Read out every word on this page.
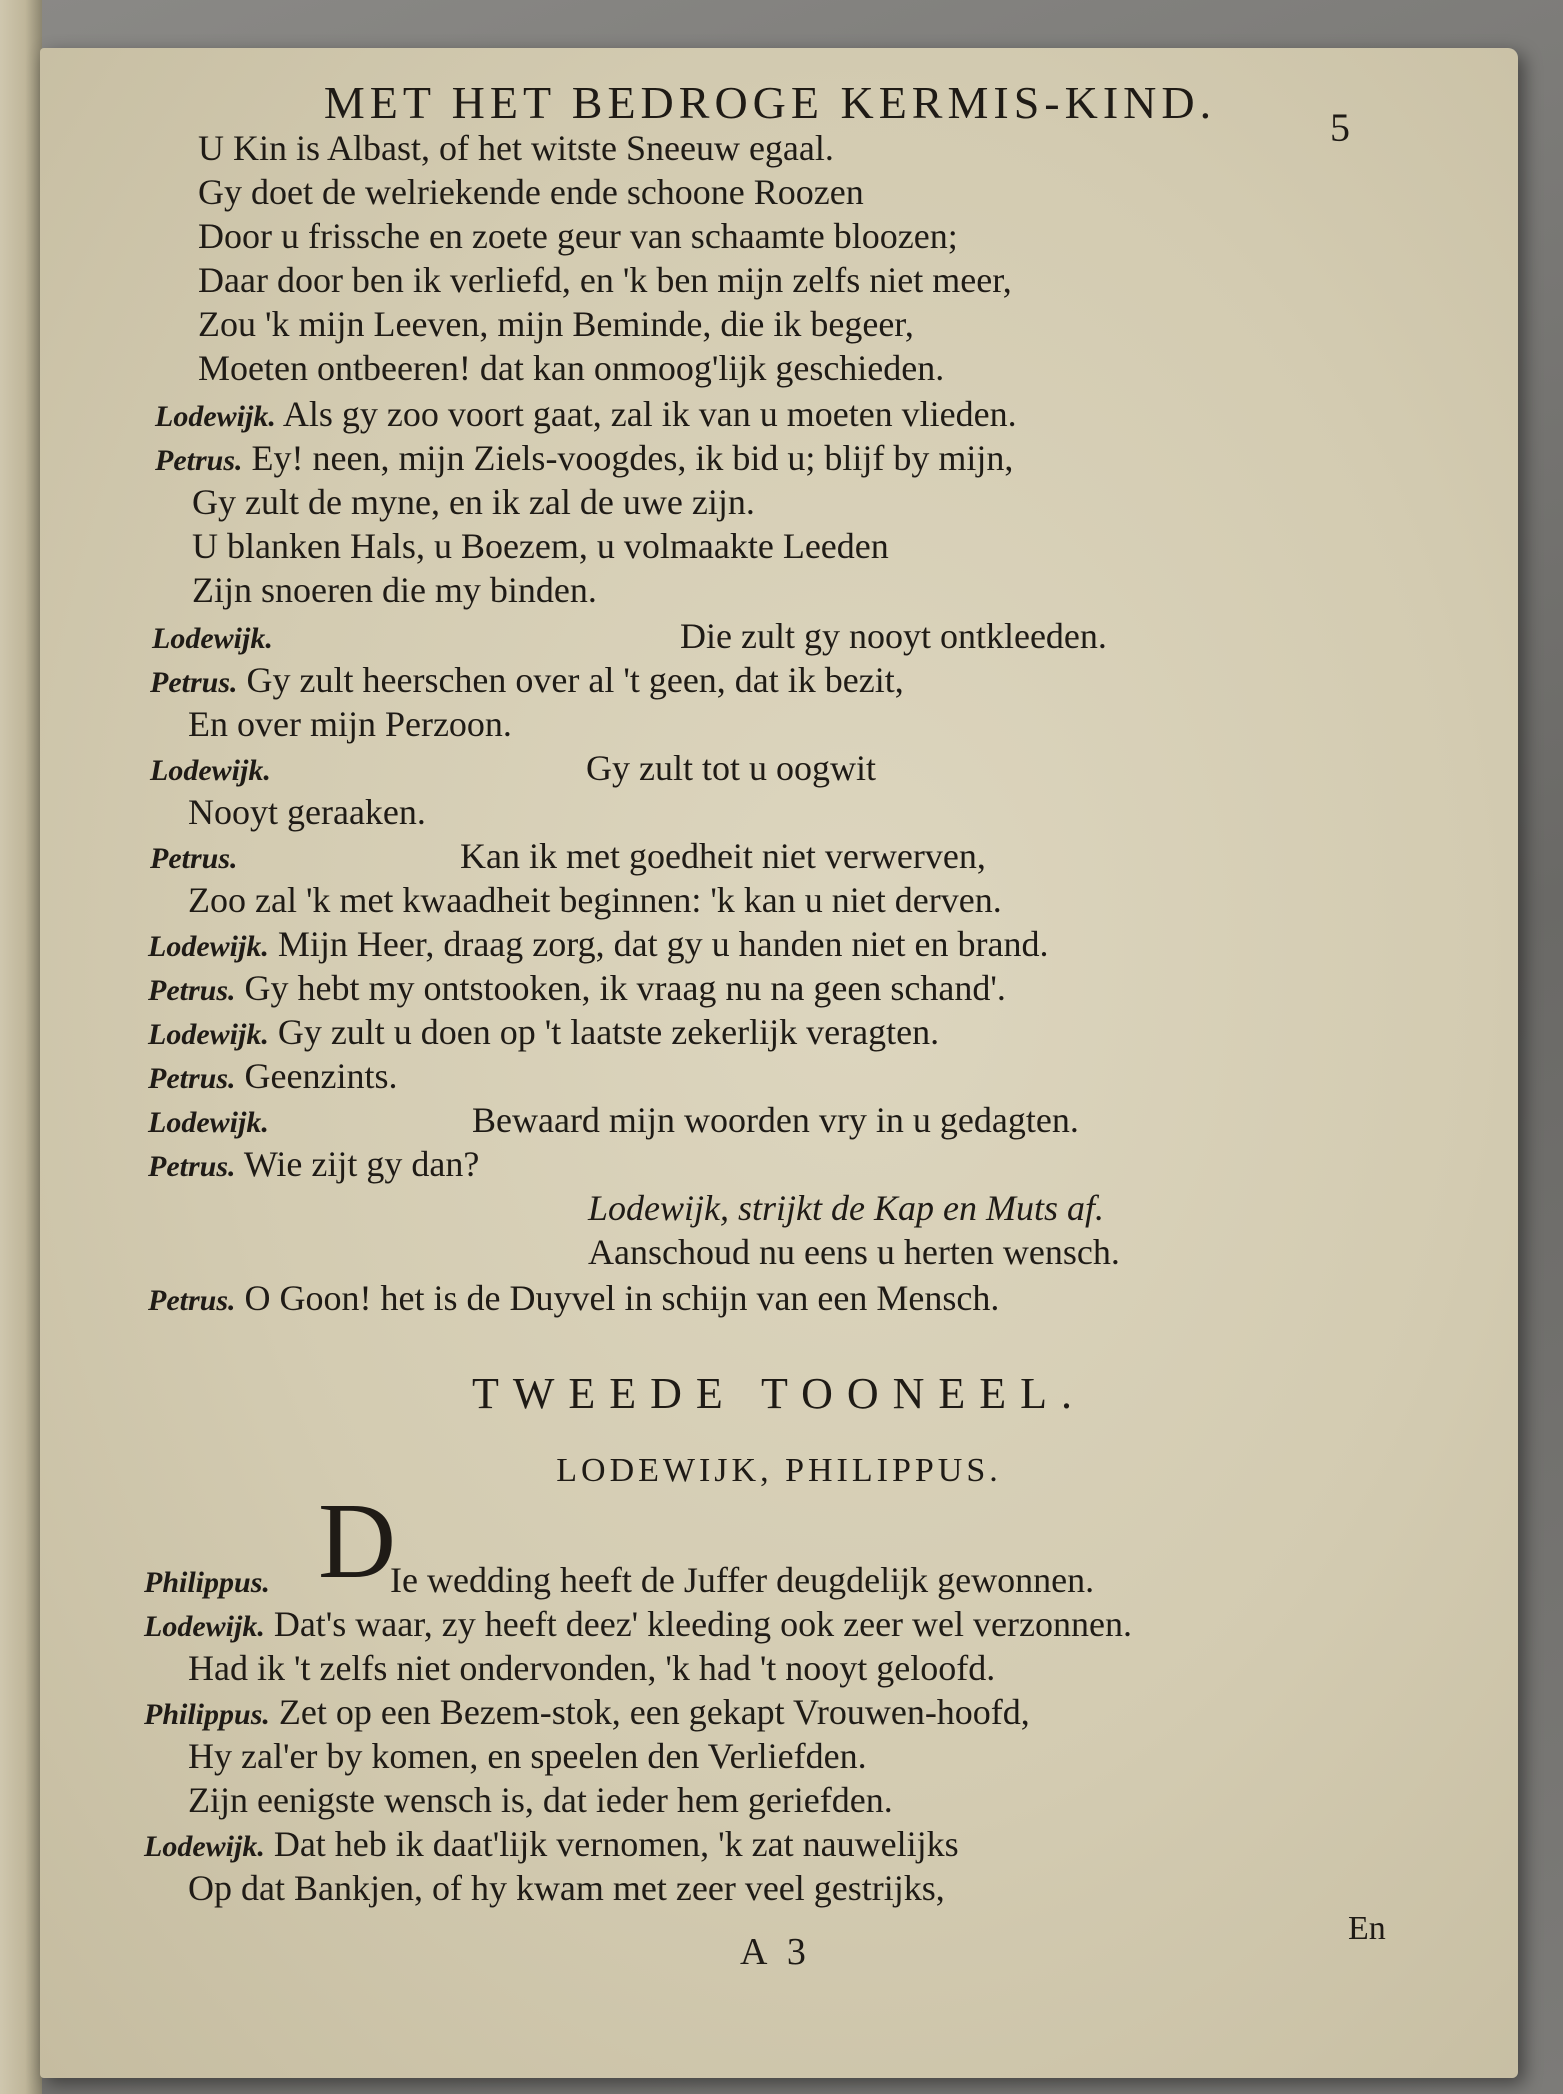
MET HET BEDROGE KERMIS-KIND.	5
U Kin is Albast, of het witste Sneeuw egaal.
Gy doet de welriekende ende schoone Roozen
Door u frissche en zoete geur van schaamte bloozen;
Daar door ben ik verliefd, en 'k ben mijn zelfs niet meer,
Zou 'k mijn Leeven, mijn Beminde, die ik begeer,
Moeten ontbeeren! dat kan onmoog'lijk geschieden.
Lodewijk. Als gy zoo voort gaat, zal ik van u moeten vlieden.
Petrus. Ey! neen, mijn Ziels-voogdes, ik bid u; blijf by mijn,
Gy zult de myne, en ik zal de uwe zijn.
U blanken Hals, u Boezem, u volmaakte Leeden
Zijn snoeren die my binden.
Lodewijk.	Die zult gy nooyt ontkleeden.
Petrus. Gy zult heerschen over al 't geen, dat ik bezit,
En over mijn Perzoon.
Lodewijk.	Gy zult tot u oogwit
Nooyt geraaken.
Petrus.	Kan ik met goedheit niet verwerven,
Zoo zal 'k met kwaadheit beginnen: 'k kan u niet derven.
Lodewijk. Mijn Heer, draag zorg, dat gy u handen niet en brand.
Petrus. Gy hebt my ontstooken, ik vraag nu na geen schand'.
Lodewijk. Gy zult u doen op 't laatste zekerlijk veragten.
Petrus. Geenzints.
Lodewijk.	Bewaard mijn woorden vry in u gedagten.
Petrus. Wie zijt gy dan?
Lodewijk, strijkt de Kap en Muts af.
Aanschoud nu eens u herten wensch.
Petrus. O Goon! het is de Duyvel in schijn van een Mensch.
TWEEDE TOONEEL.
LODEWIJK, PHILIPPUS.
D
Philippus.	Ie wedding heeft de Juffer deugdelijk gewonnen.
Lodewijk. Dat's waar, zy heeft deez' kleeding ook zeer wel verzonnen.
Had ik 't zelfs niet ondervonden, 'k had 't nooyt geloofd.
Philippus. Zet op een Bezem-stok, een gekapt Vrouwen-hoofd,
Hy zal'er by komen, en speelen den Verliefden.
Zijn eenigste wensch is, dat ieder hem geriefden.
Lodewijk. Dat heb ik daat'lijk vernomen, 'k zat nauwelijks
Op dat Bankjen, of hy kwam met zeer veel gestrijks,
A 3
En
